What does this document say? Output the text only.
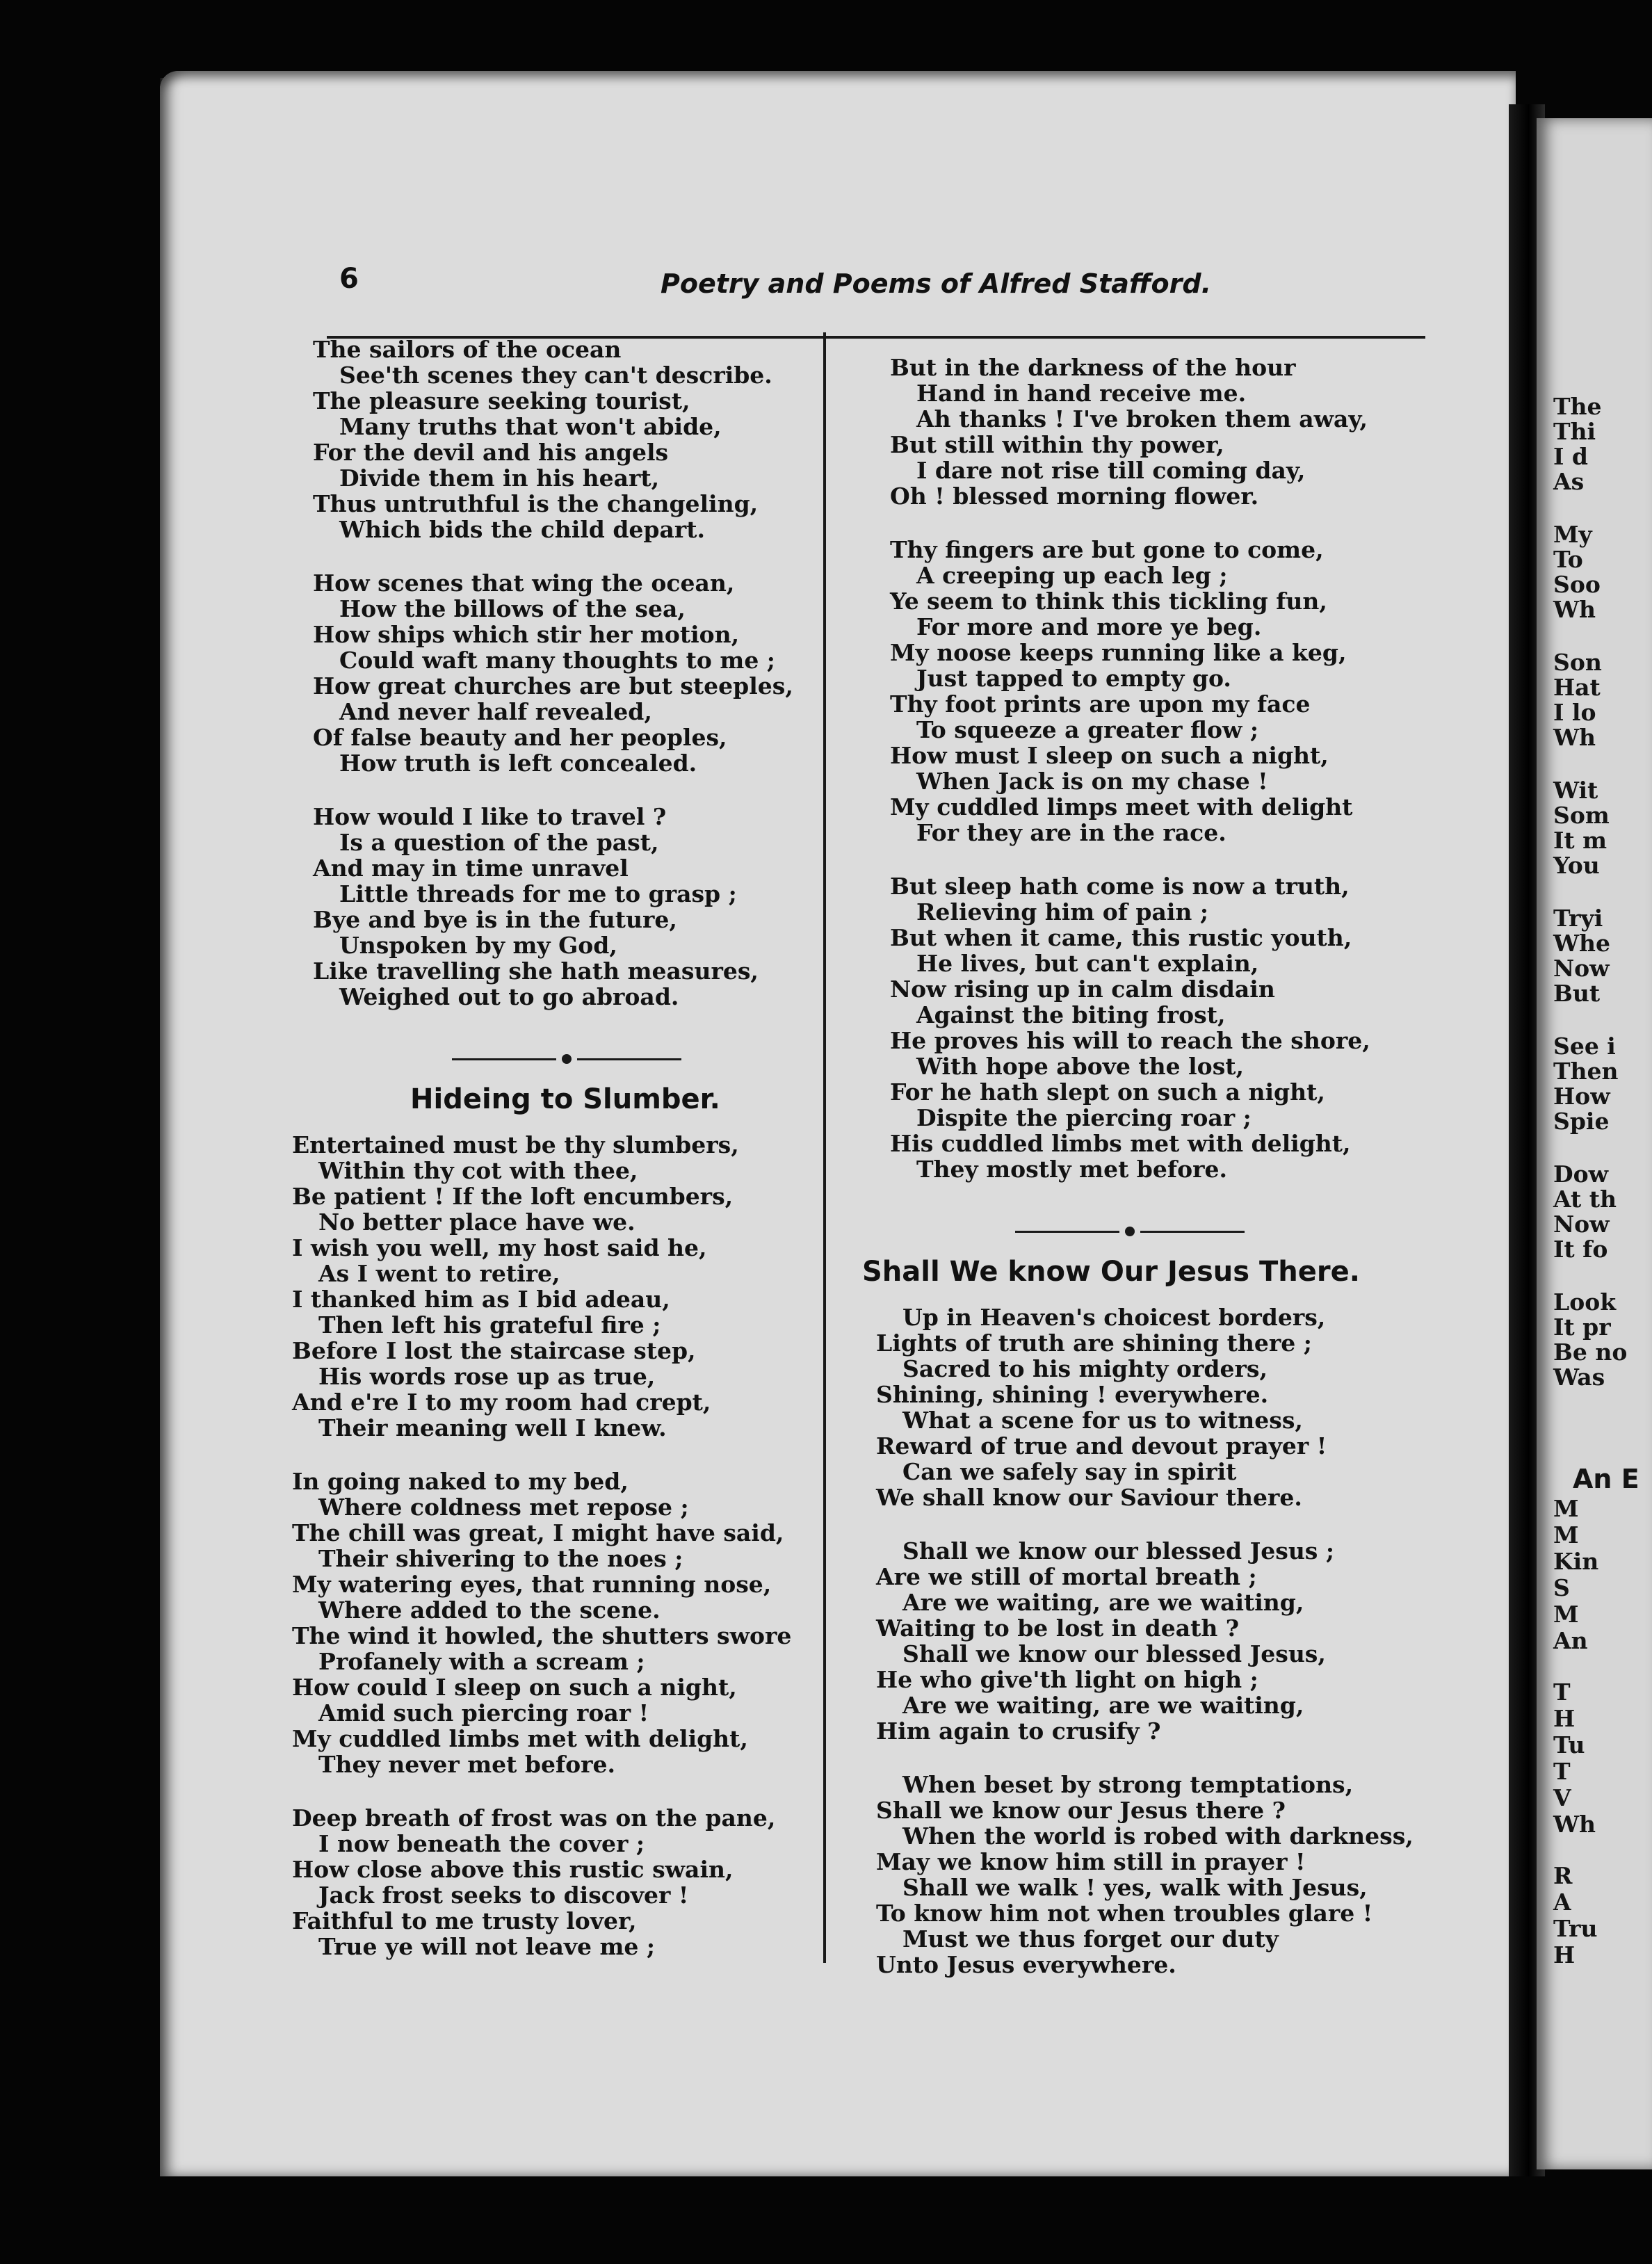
6	Poetry and Poems of Alfred Stafford.
The sailors of the ocean
See'th scenes they can't describe.
The pleasure seeking tourist,
Many truths that won't abide,
For the devil and his angels
Divide them in his heart,
Thus untruthful is the changeling,
Which bids the child depart.
How scenes that wing the ocean,
How the billows of the sea,
How ships which stir her motion,
Could waft many thoughts to me ;
How great churches are but steeples,
And never half revealed,
Of false beauty and her peoples,
How truth is left concealed.
How would I like to travel ?
Is a question of the past,
And may in time unravel
Little threads for me to grasp ;
Bye and bye is in the future,
Unspoken by my God,
Like travelling she hath measures,
Weighed out to go abroad.
Hideing to Slumber.
Entertained must be thy slumbers,
Within thy cot with thee,
Be patient ! If the loft encumbers,
No better place have we.
I wish you well, my host said he,
As I went to retire,
I thanked him as I bid adeau,
Then left his grateful fire ;
Before I lost the staircase step,
His words rose up as true,
And e're I to my room had crept,
Their meaning well I knew.
In going naked to my bed,
Where coldness met repose ;
The chill was great, I might have said,
Their shivering to the noes ;
My watering eyes, that running nose,
Where added to the scene.
The wind it howled, the shutters swore
Profanely with a scream ;
How could I sleep on such a night,
Amid such piercing roar !
My cuddled limbs met with delight,
They never met before.
Deep breath of frost was on the pane,
I now beneath the cover ;
How close above this rustic swain,
Jack frost seeks to discover !
Faithful to me trusty lover,
True ye will not leave me ;
But in the darkness of the hour
Hand in hand receive me.
Ah thanks ! I've broken them away,
But still within thy power,
I dare not rise till coming day,
Oh ! blessed morning flower.
Thy fingers are but gone to come,
A creeping up each leg ;
Ye seem to think this tickling fun,
For more and more ye beg.
My noose keeps running like a keg,
Just tapped to empty go.
Thy foot prints are upon my face
To squeeze a greater flow ;
How must I sleep on such a night,
When Jack is on my chase !
My cuddled limps meet with delight
For they are in the race.
But sleep hath come is now a truth,
Relieving him of pain ;
But when it came, this rustic youth,
He lives, but can't explain,
Now rising up in calm disdain
Against the biting frost,
He proves his will to reach the shore,
With hope above the lost,
For he hath slept on such a night,
Dispite the piercing roar ;
His cuddled limbs met with delight,
They mostly met before.
Shall We know Our Jesus There.
Up in Heaven's choicest borders,
Lights of truth are shining there ;
Sacred to his mighty orders,
Shining, shining ! everywhere.
What a scene for us to witness,
Reward of true and devout prayer !
Can we safely say in spirit
We shall know our Saviour there.
Shall we know our blessed Jesus ;
Are we still of mortal breath ;
Are we waiting, are we waiting,
Waiting to be lost in death ?
Shall we know our blessed Jesus,
He who give'th light on high ;
Are we waiting, are we waiting,
Him again to crusify ?
When beset by strong temptations,
Shall we know our Jesus there ?
When the world is robed with darkness,
May we know him still in prayer !
Shall we walk ! yes, walk with Jesus,
To know him not when troubles glare !
Must we thus forget our duty
Unto Jesus everywhere.
The
Thi
I d
As
My
To
Soo
Wh
Son
Hat
I lo
Wh
Wit
Som
It m
You
Tryi
Whe
Now
But
See i
Then
How
Spie
Dow
At th
Now
It fo
Look
It pr
Be no
Was
An E
M
M
Kin
S
M
An
T
H
Tu
T
V
Wh
R
A
Tru
H
